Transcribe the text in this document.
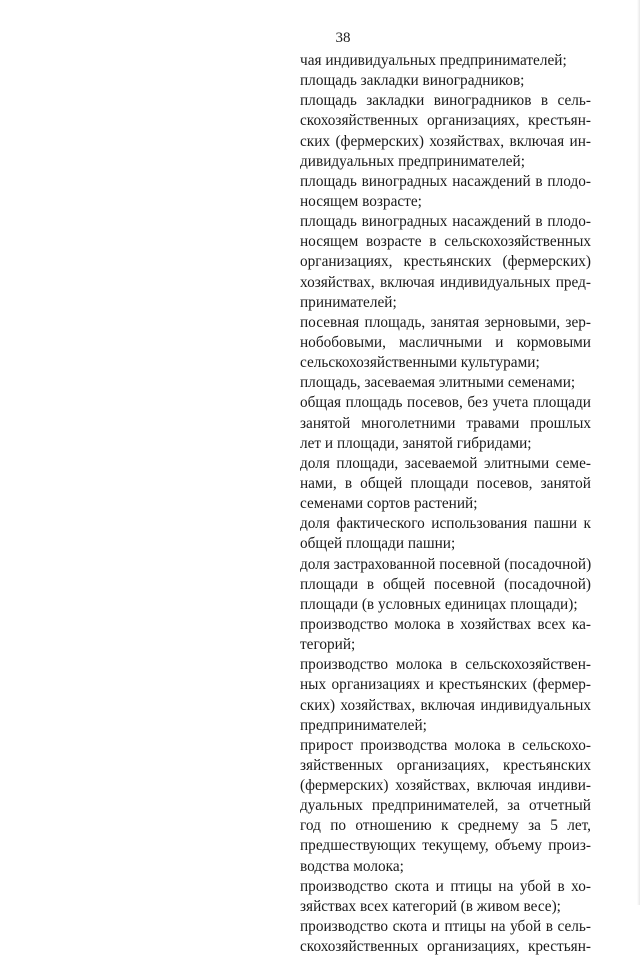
38
чая индивидуальных предпринимателей;
площадь закладки виноградников;
площадь закладки виноградников в сель-
скохозяйственных организациях, крестьян-
ских (фермерских) хозяйствах, включая ин-
дивидуальных предпринимателей;
площадь виноградных насаждений в плодо-
носящем возрасте;
площадь виноградных насаждений в плодо-
носящем возрасте в сельскохозяйственных
организациях, крестьянских (фермерских)
хозяйствах, включая индивидуальных пред-
принимателей;
посевная площадь, занятая зерновыми, зер-
нобобовыми, масличными и кормовыми
сельскохозяйственными культурами;
площадь, засеваемая элитными семенами;
общая площадь посевов, без учета площади
занятой многолетними травами прошлых
лет и площади, занятой гибридами;
доля площади, засеваемой элитными семе-
нами, в общей площади посевов, занятой
семенами сортов растений;
доля фактического использования пашни к
общей площади пашни;
доля застрахованной посевной (посадочной)
площади в общей посевной (посадочной)
площади (в условных единицах площади);
производство молока в хозяйствах всех ка-
тегорий;
производство молока в сельскохозяйствен-
ных организациях и крестьянских (фермер-
ских) хозяйствах, включая индивидуальных
предпринимателей;
прирост производства молока в сельскохо-
зяйственных организациях, крестьянских
(фермерских) хозяйствах, включая индиви-
дуальных предпринимателей, за отчетный
год по отношению к среднему за 5 лет,
предшествующих текущему, объему произ-
водства молока;
производство скота и птицы на убой в хо-
зяйствах всех категорий (в живом весе);
производство скота и птицы на убой в сель-
скохозяйственных организациях, крестьян-
